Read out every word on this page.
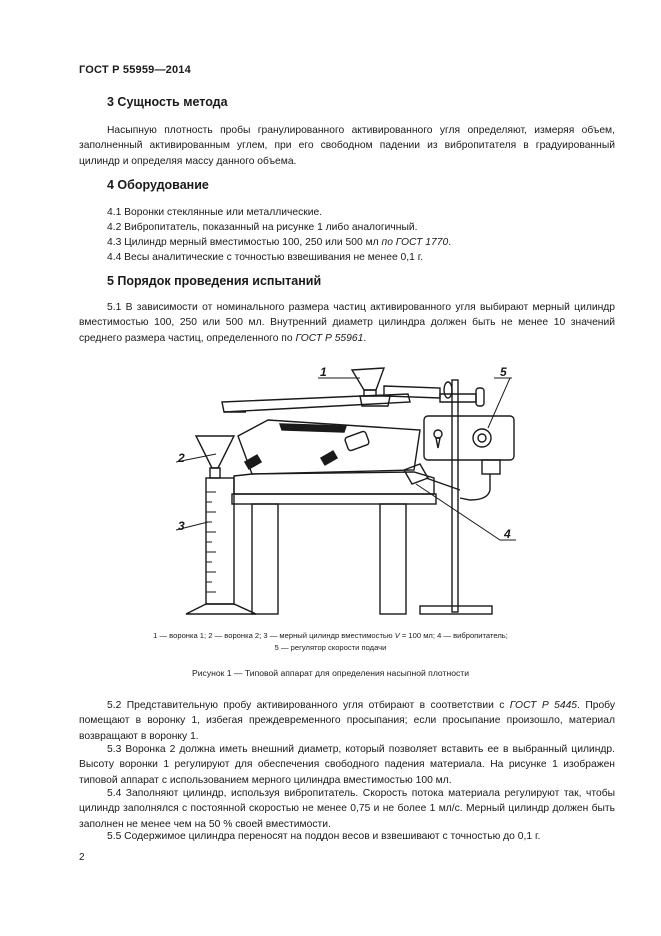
ГОСТ Р 55959—2014
3 Сущность метода
Насыпную плотность пробы гранулированного активированного угля определяют, измеряя объем, заполненный активированным углем, при его свободном падении из вибропитателя в градуированный цилиндр и определяя массу данного объема.
4 Оборудование
4.1 Воронки стеклянные или металлические.
4.2 Вибропитатель, показанный на рисунке 1 либо аналогичный.
4.3 Цилиндр мерный вместимостью 100, 250 или 500 мл по ГОСТ 1770.
4.4 Весы аналитические с точностью взвешивания не менее 0,1 г.
5 Порядок проведения испытаний
5.1 В зависимости от номинального размера частиц активированного угля выбирают мерный цилиндр вместимостью 100, 250 или 500 мл. Внутренний диаметр цилиндра должен быть не менее 10 значений среднего размера частиц, определенного по ГОСТ Р 55961.
1
2
3
4
5
1 — воронка 1; 2 — воронка 2; 3 — мерный цилиндр вместимостью V = 100 мл; 4 — вибропитатель;
5 — регулятор скорости подачи
Рисунок 1 — Типовой аппарат для определения насыпной плотности
5.2 Представительную пробу активированного угля отбирают в соответствии с ГОСТ Р 5445. Пробу помещают в воронку 1, избегая преждевременного просыпания; если просыпание произошло, материал возвращают в воронку 1.
5.3 Воронка 2 должна иметь внешний диаметр, который позволяет вставить ее в выбранный цилиндр. Высоту воронки 1 регулируют для обеспечения свободного падения материала. На рисунке 1 изображен типовой аппарат с использованием мерного цилиндра вместимостью 100 мл.
5.4 Заполняют цилиндр, используя вибропитатель. Скорость потока материала регулируют так, чтобы цилиндр заполнялся с постоянной скоростью не менее 0,75 и не более 1 мл/с. Мерный цилиндр должен быть заполнен не менее чем на 50 % своей вместимости.
5.5 Содержимое цилиндра переносят на поддон весов и взвешивают с точностью до 0,1 г.
2
